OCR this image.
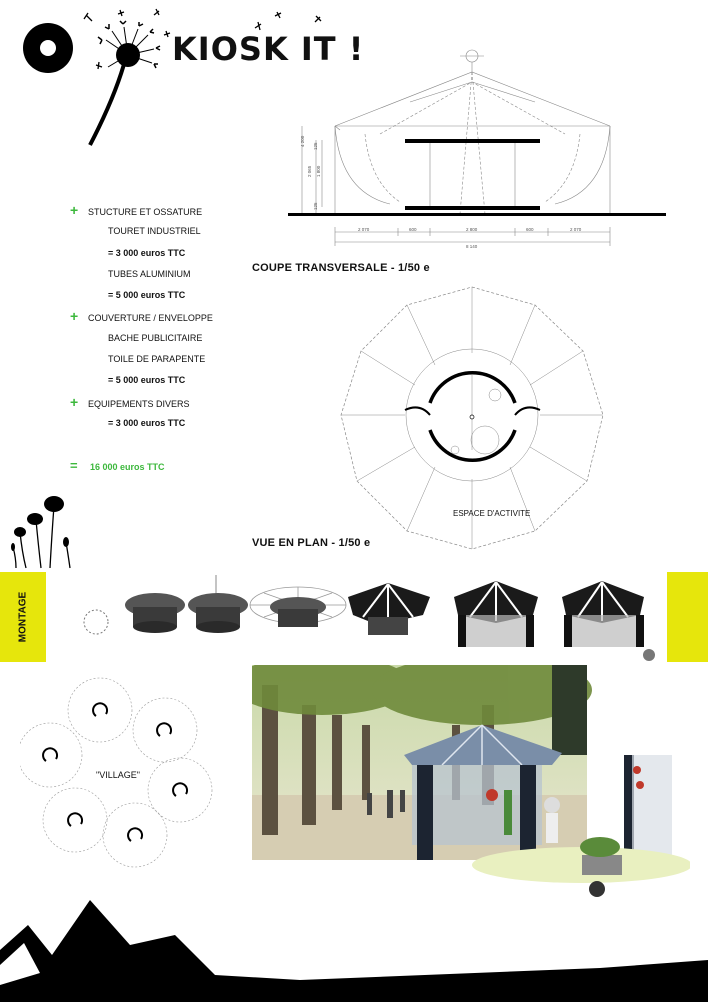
KIOSK IT !
+ STUCTURE ET OSSATURE
TOURET INDUSTRIEL
= 3 000 euros TTC
TUBES ALUMINIUM
= 5 000 euros TTC
+ COUVERTURE / ENVELOPPE
BACHE PUBLICITAIRE
TOILE DE PARAPENTE
= 5 000 euros TTC
+ EQUIPEMENTS DIVERS
= 3 000 euros TTC
= 16 000 euros TTC
4 200 125
2 065 1 800
125
2 070	600	2 800	600	2 070
8 140
COUPE TRANSVERSALE - 1/50 e
ESPACE D'ACTIVITE
VUE EN PLAN - 1/50 e
MONTAGE
"VILLAGE"
